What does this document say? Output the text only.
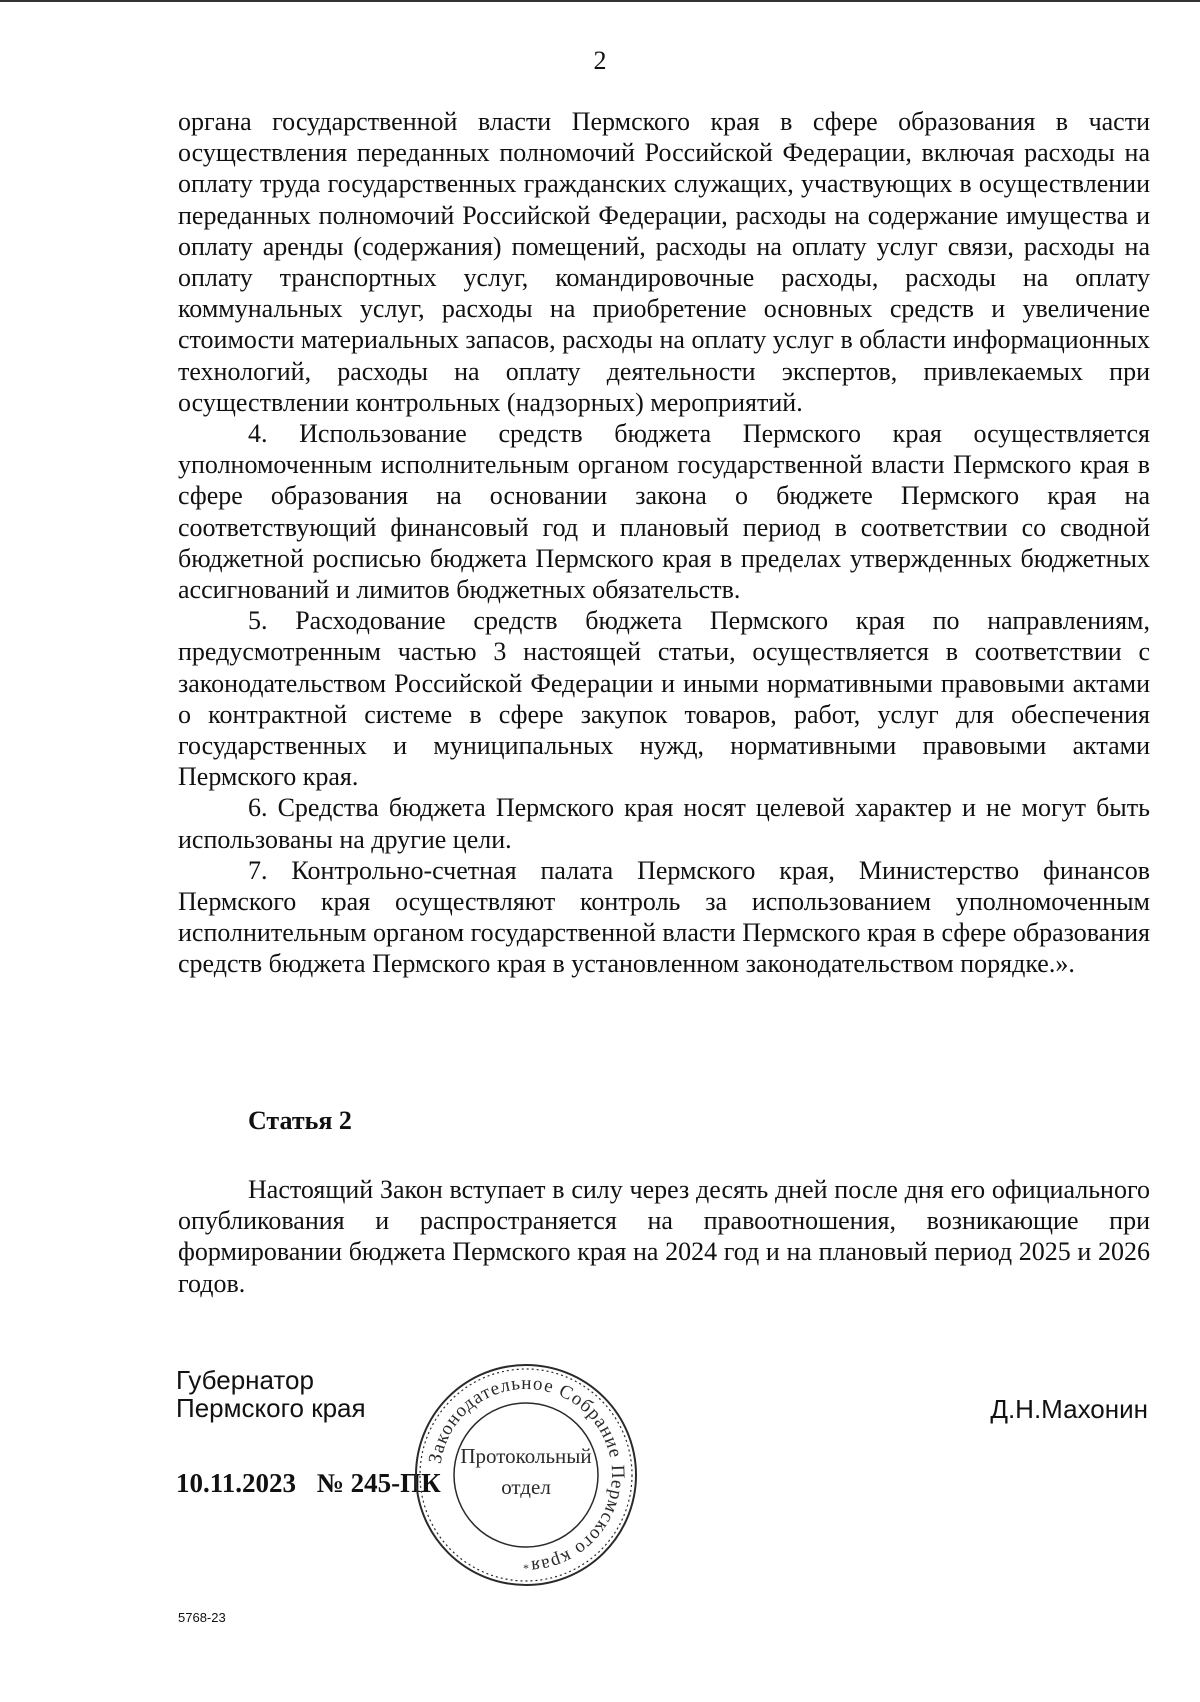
2

органа государственной власти Пермского края в сфере образования в части осуществления переданных полномочий Российской Федерации, включая расходы на оплату труда государственных гражданских служащих, участвующих в осуществлении переданных полномочий Российской Федерации, расходы на содержание имущества и оплату аренды (содержания) помещений, расходы на оплату услуг связи, расходы на оплату транспортных услуг, командировочные расходы, расходы на оплату коммунальных услуг, расходы на приобретение основных средств и увеличение стоимости материальных запасов, расходы на оплату услуг в области информационных технологий, расходы на оплату деятельности экспертов, привлекаемых при осуществлении контрольных (надзорных) мероприятий.

4. Использование средств бюджета Пермского края осуществляется уполномоченным исполнительным органом государственной власти Пермского края в сфере образования на основании закона о бюджете Пермского края на соответствующий финансовый год и плановый период в соответствии со сводной бюджетной росписью бюджета Пермского края в пределах утвержденных бюджетных ассигнований и лимитов бюджетных обязательств.

5. Расходование средств бюджета Пермского края по направлениям, предусмотренным частью 3 настоящей статьи, осуществляется в соответствии с законодательством Российской Федерации и иными нормативными правовыми актами о контрактной системе в сфере закупок товаров, работ, услуг для обеспечения государственных и муниципальных нужд, нормативными правовыми актами Пермского края.

6. Средства бюджета Пермского края носят целевой характер и не могут быть использованы на другие цели.

7. Контрольно-счетная палата Пермского края, Министерство финансов Пермского края осуществляют контроль за использованием уполномоченным исполнительным органом государственной власти Пермского края в сфере образования средств бюджета Пермского края в установленном законодательством порядке.».

Статья 2

Настоящий Закон вступает в силу через десять дней после дня его официального опубликования и распространяется на правоотношения, возникающие при формировании бюджета Пермского края на 2024 год и на плановый период 2025 и 2026 годов.

Губернатор
Пермского края	Д.Н.Махонин
10.11.2023 № 245-ПК
Законодательное Собрание Пермского края
Протокольный
отдел
*
5768-23
